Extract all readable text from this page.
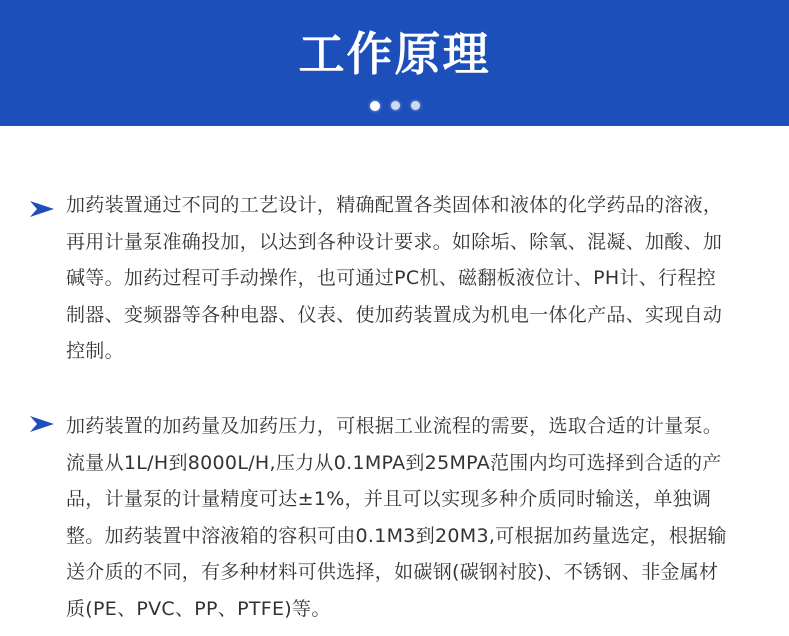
工作原理

加药装置通过不同的工艺设计，精确配置各类固体和液体的化学药品的溶液，

再用计量泵准确投加，以达到各种设计要求。如除垢、除氧、混凝、加酸、加

碱等。加药过程可手动操作，也可通过PC机、磁翻板液位计、PH计、行程控

制器、变频器等各种电器、仪表、使加药装置成为机电一体化产品、实现自动

控制。

加药装置的加药量及加药压力，可根据工业流程的需要，选取合适的计量泵。

流量从1L/H到8000L/H,压力从0.1MPA到25MPA范围内均可选择到合适的产

品，计量泵的计量精度可达±1%，并且可以实现多种介质同时输送，单独调

整。加药装置中溶液箱的容积可由0.1M3到20M3,可根据加药量选定，根据输

送介质的不同，有多种材料可供选择，如碳钢(碳钢衬胶)、不锈钢、非金属材

质(PE、PVC、PP、PTFE)等。
